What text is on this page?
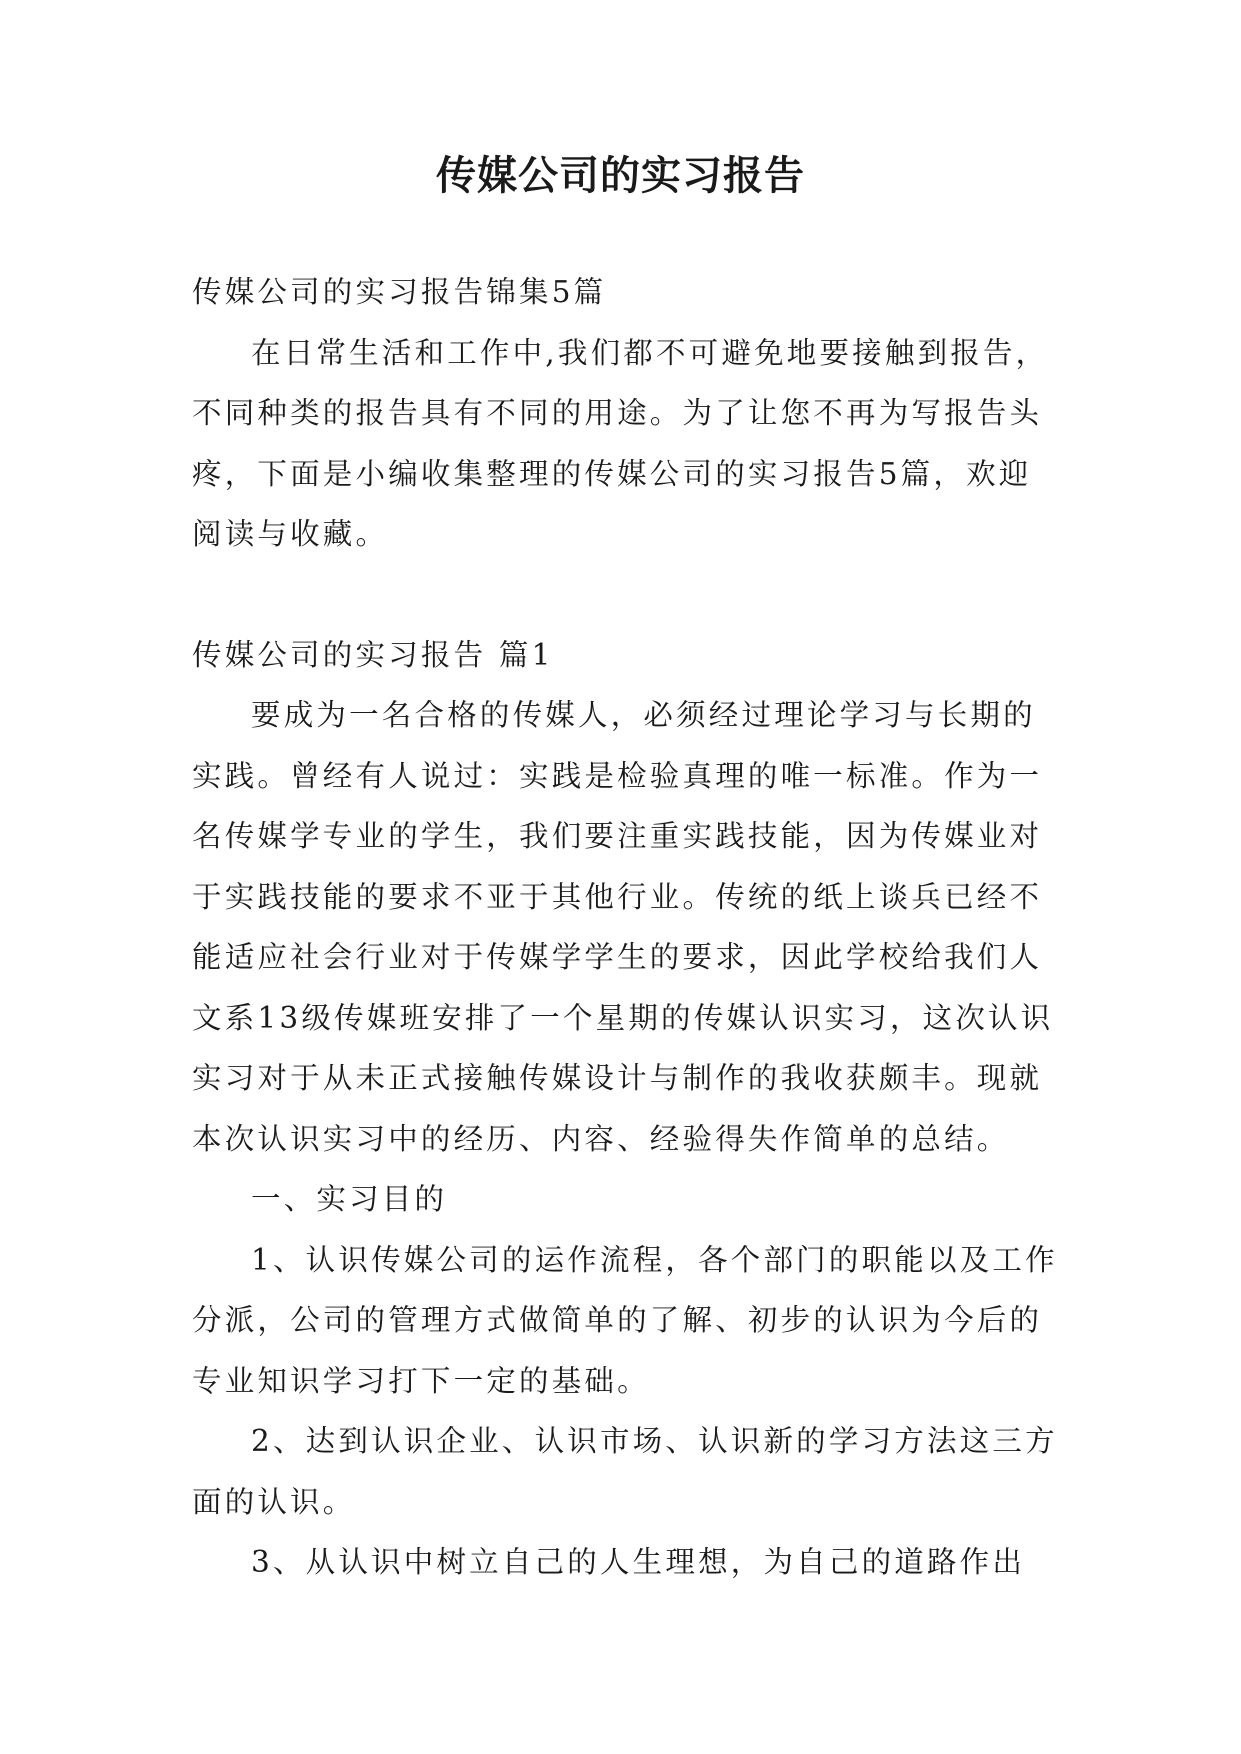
传媒公司的实习报告

传媒公司的实习报告锦集5篇

在日常生活和工作中,我们都不可避免地要接触到报告，不同种类的报告具有不同的用途。为了让您不再为写报告头疼，下面是小编收集整理的传媒公司的实习报告5篇，欢迎阅读与收藏。

传媒公司的实习报告 篇1

要成为一名合格的传媒人，必须经过理论学习与长期的实践。曾经有人说过：实践是检验真理的唯一标准。作为一名传媒学专业的学生，我们要注重实践技能，因为传媒业对于实践技能的要求不亚于其他行业。传统的纸上谈兵已经不能适应社会行业对于传媒学学生的要求，因此学校给我们人文系13级传媒班安排了一个星期的传媒认识实习，这次认识实习对于从未正式接触传媒设计与制作的我收获颇丰。现就本次认识实习中的经历、内容、经验得失作简单的总结。

一、实习目的

1、认识传媒公司的运作流程，各个部门的职能以及工作分派，公司的管理方式做简单的了解、初步的认识为今后的专业知识学习打下一定的基础。

2、达到认识企业、认识市场、认识新的学习方法这三方面的认识。

3、从认识中树立自己的人生理想，为自己的道路作出
